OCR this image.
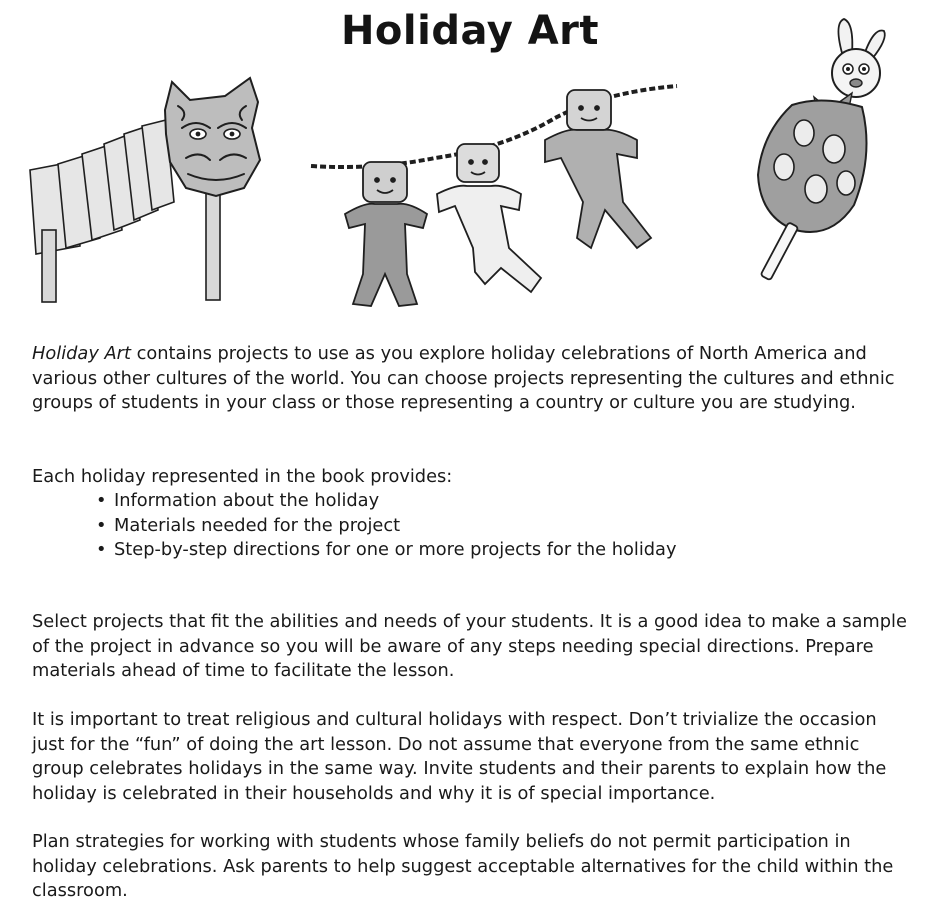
Holiday Art

Holiday Art contains projects to use as you explore holiday celebrations of North America and various other cultures of the world. You can choose projects representing the cultures and ethnic groups of students in your class or those representing a country or culture you are studying.

Each holiday represented in the book provides:

• Information about the holiday
• Materials needed for the project
• Step-by-step directions for one or more projects for the holiday

Select projects that fit the abilities and needs of your students. It is a good idea to make a sample of the project in advance so you will be aware of any steps needing special directions. Prepare materials ahead of time to facilitate the lesson.

It is important to treat religious and cultural holidays with respect. Don’t trivialize the occasion just for the “fun” of doing the art lesson. Do not assume that everyone from the same ethnic group celebrates holidays in the same way. Invite students and their parents to explain how the holiday is celebrated in their households and why it is of special importance.

Plan strategies for working with students whose family beliefs do not permit participation in holiday celebrations. Ask parents to help suggest acceptable alternatives for the child within the classroom.
